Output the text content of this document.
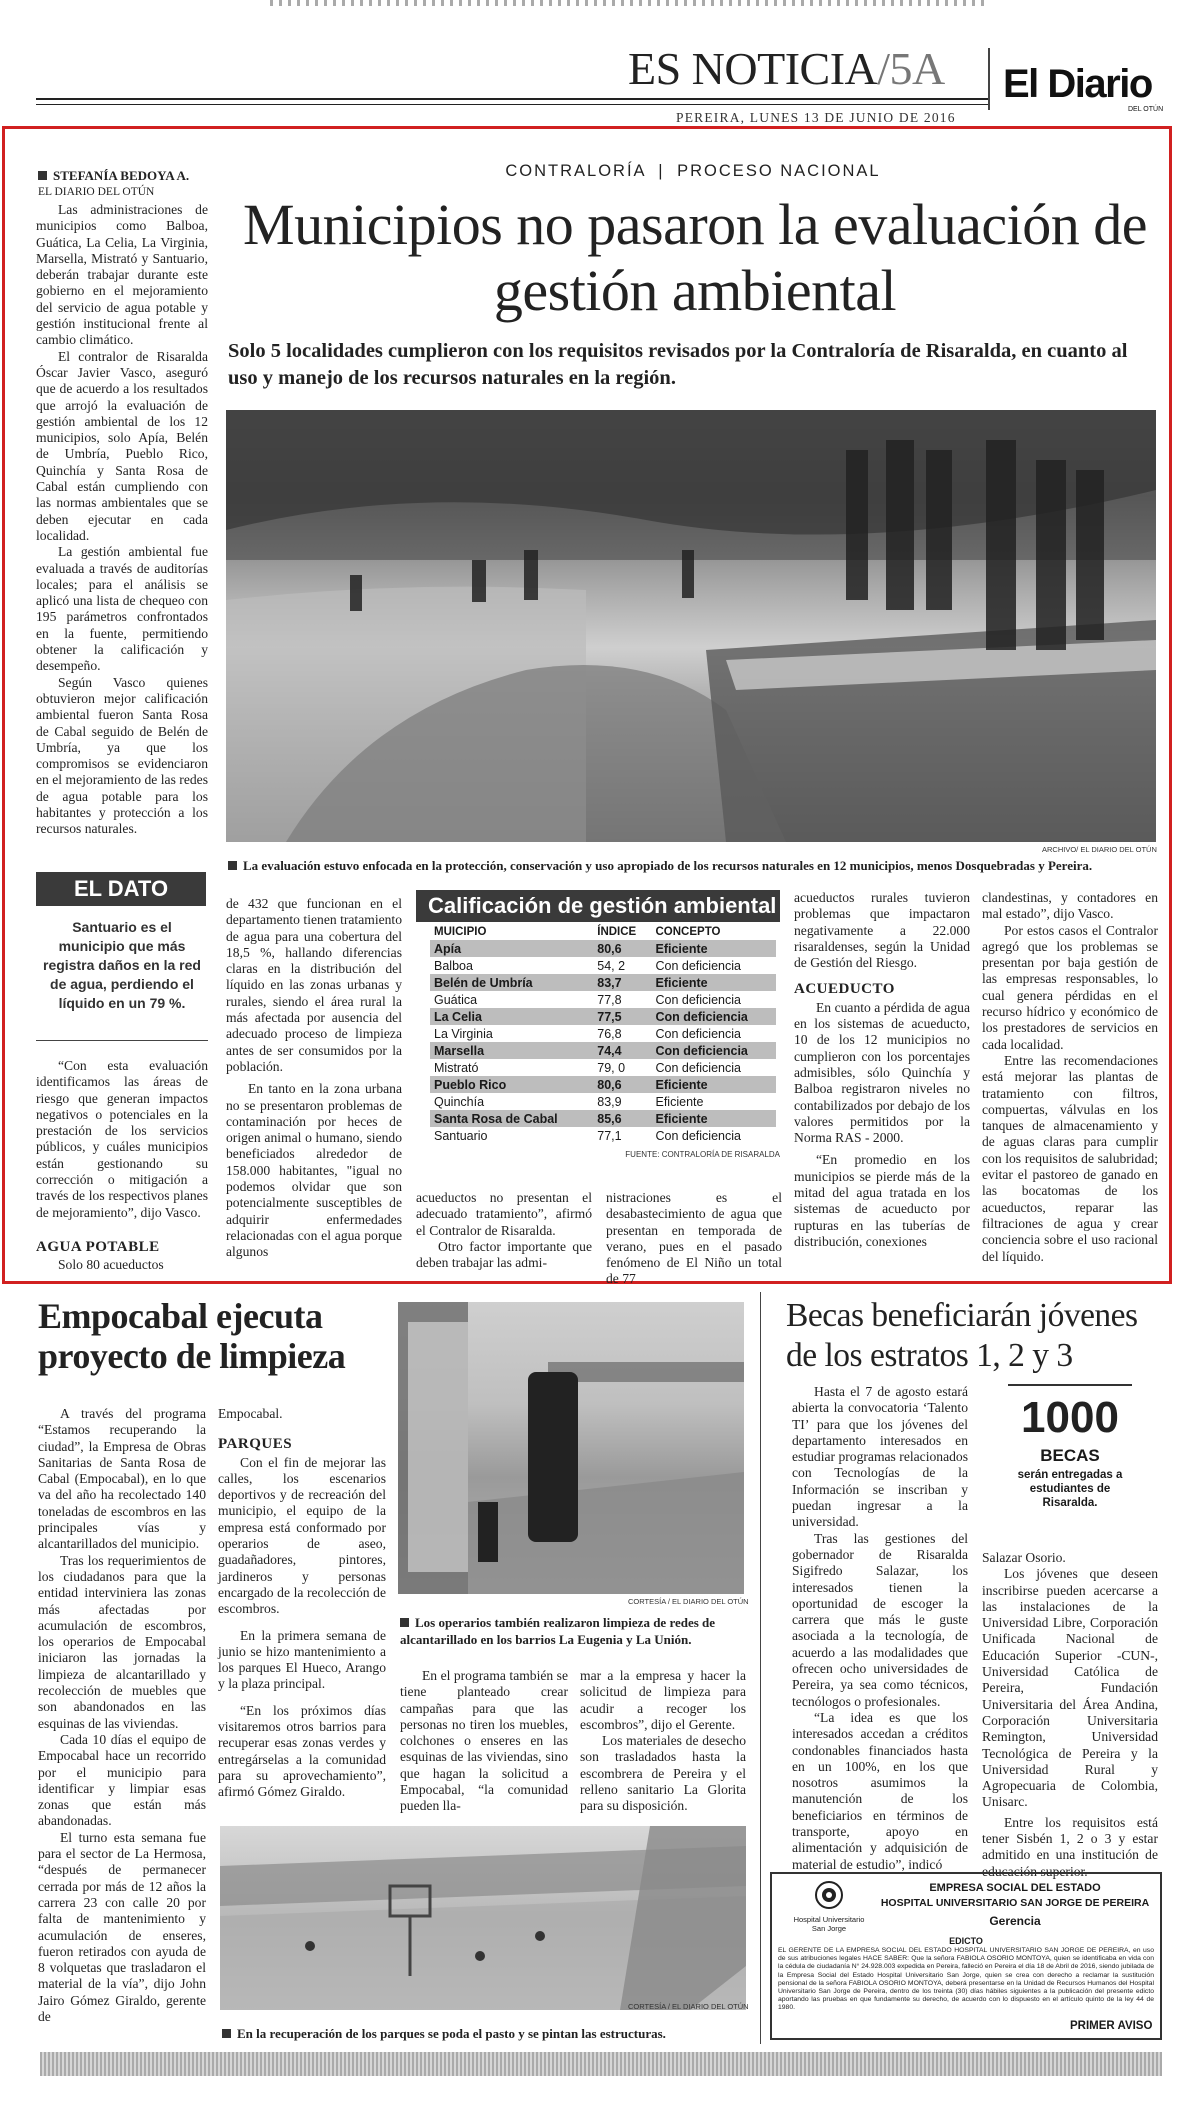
ES NOTICIA/5A El Diario
DEL OTÚN
PEREIRA, LUNES 13 DE JUNIO DE 2016
STEFANÍA BEDOYA A.
EL DIARIO DEL OTÚN

Las administraciones de municipios como Balboa, Guática, La Celia, La Virginia, Marsella, Mistrató y Santuario, deberán trabajar durante este gobierno en el mejoramiento del servicio de agua potable y gestión institucional frente al cambio climático.

El contralor de Risaralda Óscar Javier Vasco, aseguró que de acuerdo a los resultados que arrojó la evaluación de gestión ambiental de los 12 municipios, solo Apía, Belén de Umbría, Pueblo Rico, Quinchía y Santa Rosa de Cabal están cumpliendo con las normas ambientales que se deben ejecutar en cada localidad.

La gestión ambiental fue evaluada a través de auditorías locales; para el análisis se aplicó una lista de chequeo con 195 parámetros confrontados en la fuente, permitiendo obtener la calificación y desempeño.

Según Vasco quienes obtuvieron mejor calificación ambiental fueron Santa Rosa de Cabal seguido de Belén de Umbría, ya que los compromisos se evidenciaron en el mejoramiento de las redes de agua potable para los habitantes y protección a los recursos naturales.

EL DATO
Santuario es el municipio que más registra daños en la red de agua, perdiendo el líquido en un 79 %.

“Con esta evaluación identificamos las áreas de riesgo que generan impactos negativos o potenciales en la prestación de los servicios públicos, y cuáles municipios están gestionando su corrección o mitigación a través de los respectivos planes de mejoramiento”, dijo Vasco.

AGUA POTABLE

Solo 80 acueductos

CONTRALORÍA | PROCESO NACIONAL
Municipios no pasaron la evaluación de gestión ambiental
Solo 5 localidades cumplieron con los requisitos revisados por la Contraloría de Risaralda, en cuanto al uso y manejo de los recursos naturales en la región.
ARCHIVO/ EL DIARIO DEL OTÚN
La evaluación estuvo enfocada en la protección, conservación y uso apropiado de los recursos naturales en 12 municipios, menos Dosquebradas y Pereira.

de 432 que funcionan en el departamento tienen tratamiento de agua para una cobertura del 18,5 %, hallando diferencias claras en la distribución del líquido en las zonas urbanas y rurales, siendo el área rural la más afectada por ausencia del adecuado proceso de limpieza antes de ser consumidos por la población.

En tanto en la zona urbana no se presentaron problemas de contaminación por heces de origen animal o humano, siendo beneficiados alrededor de 158.000 habitantes, "igual no podemos olvidar que son potencialmente susceptibles de adquirir enfermedades relacionadas con el agua porque algunos

Calificación de gestión ambiental
MUICIPIO	ÍNDICE	CONCEPTO
Apía	80,6	Eficiente
Balboa	54, 2	Con deficiencia
Belén de Umbría	83,7	Eficiente
Guática	77,8	Con deficiencia
La Celia	77,5	Con deficiencia
La Virginia	76,8	Con deficiencia
Marsella	74,4	Con deficiencia
Mistrató	79, 0	Con deficiencia
Pueblo Rico	80,6	Eficiente
Quinchía	83,9	Eficiente
Santa Rosa de Cabal	85,6	Eficiente
Santuario	77,1	Con deficiencia
FUENTE: CONTRALORÍA DE RISARALDA

acueductos no presentan el adecuado tratamiento”, afirmó el Contralor de Risaralda.

Otro factor importante que deben trabajar las admi-

nistraciones es el desabastecimiento de agua que presentan en temporada de verano, pues en el pasado fenómeno de El Niño un total de 77

acueductos rurales tuvieron problemas que impactaron negativamente a 22.000 risaraldenses, según la Unidad de Gestión del Riesgo.

ACUEDUCTO

En cuanto a pérdida de agua en los sistemas de acueducto, 10 de los 12 municipios no cumplieron con los porcentajes admisibles, sólo Quinchía y Balboa registraron niveles no contabilizados por debajo de los valores permitidos por la Norma RAS - 2000.

“En promedio en los municipios se pierde más de la mitad del agua tratada en los sistemas de acueducto por rupturas en las tuberías de distribución, conexiones

clandestinas, y contadores en mal estado”, dijo Vasco.

Por estos casos el Contralor agregó que los problemas se presentan por baja gestión de las empresas responsables, lo cual genera pérdidas en el recurso hídrico y económico de los prestadores de servicios en cada localidad.

Entre las recomendaciones está mejorar las plantas de tratamiento con filtros, compuertas, válvulas en los tanques de almacenamiento y de aguas claras para cumplir con los requisitos de salubridad; evitar el pastoreo de ganado en las bocatomas de los acueductos, reparar las filtraciones de agua y crear conciencia sobre el uso racional del líquido.

Empocabal ejecuta proyecto de limpieza

A través del programa “Estamos recuperando la ciudad”, la Empresa de Obras Sanitarias de Santa Rosa de Cabal (Empocabal), en lo que va del año ha recolectado 140 toneladas de escombros en las principales vías y alcantarillados del municipio.

Tras los requerimientos de los ciudadanos para que la entidad interviniera las zonas más afectadas por acumulación de escombros, los operarios de Empocabal iniciaron las jornadas la limpieza de alcantarillado y recolección de muebles que son abandonados en las esquinas de las viviendas.

Cada 10 días el equipo de Empocabal hace un recorrido por el municipio para identificar y limpiar esas zonas que están más abandonadas.

El turno esta semana fue para el sector de La Hermosa, “después de permanecer cerrada por más de 12 años la carrera 23 con calle 20 por falta de mantenimiento y acumulación de enseres, fueron retirados con ayuda de 8 volquetas que trasladaron el material de la vía”, dijo John Jairo Gómez Giraldo, gerente de

Empocabal.

PARQUES

Con el fin de mejorar las calles, los escenarios deportivos y de recreación del municipio, el equipo de la empresa está conformado por operarios de aseo, guadañadores, pintores, jardineros y personas encargado de la recolección de escombros.

En la primera semana de junio se hizo mantenimiento a los parques El Hueco, Arango y la plaza principal.

“En los próximos días visitaremos otros barrios para recuperar esas zonas verdes y entregárselas a la comunidad para su aprovechamiento”, afirmó Gómez Giraldo.

CORTESÍA / EL DIARIO DEL OTÚN
Los operarios también realizaron limpieza de redes de alcantarillado en los barrios La Eugenia y La Unión.

En el programa también se tiene planteado crear campañas para que las personas no tiren los muebles, colchones o enseres en las esquinas de las viviendas, sino que hagan la solicitud a Empocabal, “la comunidad pueden lla-

mar a la empresa y hacer la solicitud de limpieza para acudir a recoger los escombros”, dijo el Gerente.

Los materiales de desecho son trasladados hasta la escombrera de Pereira y el relleno sanitario La Glorita para su disposición.

CORTESÍA / EL DIARIO DEL OTÚN
En la recuperación de los parques se poda el pasto y se pintan las estructuras.
Becas beneficiarán jóvenes de los estratos 1, 2 y 3

Hasta el 7 de agosto estará abierta la convocatoria ‘Talento TI’ para que los jóvenes del departamento interesados en estudiar programas relacionados con Tecnologías de la Información se inscriban y puedan ingresar a la universidad.

Tras las gestiones del gobernador de Risaralda Sigifredo Salazar, los interesados tienen la oportunidad de escoger la carrera que más le guste asociada a la tecnología, de acuerdo a las modalidades que ofrecen ocho universidades de Pereira, ya sea como técnicos, tecnólogos o profesionales.

“La idea es que los interesados accedan a créditos condonables financiados hasta en un 100%, en los que nosotros asumimos la manutención de los beneficiarios en términos de transporte, apoyo en alimentación y adquisición de material de estudio”, indicó

1000
BECAS
serán entregadas a estudiantes de Risaralda.

Salazar Osorio.

Los jóvenes que deseen inscribirse pueden acercarse a las instalaciones de la Universidad Libre, Corporación Unificada Nacional de Educación Superior -CUN-, Universidad Católica de Pereira, Fundación Universitaria del Área Andina, Corporación Universitaria Remington, Universidad Tecnológica de Pereira y la Universidad Rural y Agropecuaria de Colombia, Unisarc.

Entre los requisitos está tener Sisbén 1, 2 o 3 y estar admitido en una institución de educación superior.

Hospital Universitario San Jorge
EMPRESA SOCIAL DEL ESTADO
HOSPITAL UNIVERSITARIO SAN JORGE DE PEREIRA
Gerencia
EDICTO
EL GERENTE DE LA EMPRESA SOCIAL DEL ESTADO HOSPITAL UNIVERSITARIO SAN JORGE DE PEREIRA, en uso de sus atribuciones legales HACE SABER: Que la señora FABIOLA OSORIO MONTOYA, quien se identificaba en vida con la cédula de ciudadanía N° 24.928.003 expedida en Pereira, falleció en Pereira el día 18 de Abril de 2016, siendo jubilada de la Empresa Social del Estado Hospital Universitario San Jorge, quien se crea con derecho a reclamar la sustitución pensional de la señora FABIOLA OSORIO MONTOYA, deberá presentarse en la Unidad de Recursos Humanos del Hospital Universitario San Jorge de Pereira, dentro de los treinta (30) días hábiles siguientes a la publicación del presente edicto aportando las pruebas en que fundamente su derecho, de acuerdo con lo dispuesto en el artículo quinto de la ley 44 de 1980.
PRIMER AVISO
